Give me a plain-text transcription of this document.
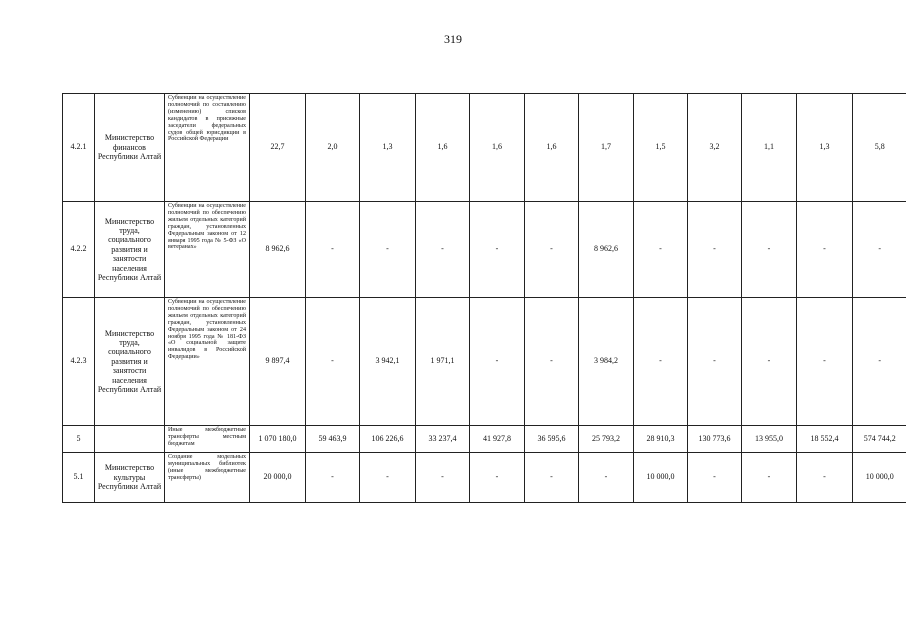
319
4.2.1	Министерство финансов Республики Алтай	Субвенции на осуществление полномочий по составлению (изменению) списков кандидатов в присяжные заседатели федеральных судов общей юрисдикции в Российской Федерации	22,7	2,0	1,3	1,6	1,6	1,6	1,7	1,5	3,2	1,1	1,3	5,8
4.2.2	Министерство труда, социального развития и занятости населения Республики Алтай	Субвенции на осуществление полномочий по обеспечению жильем отдельных категорий граждан, установленных Федеральным законом от 12 января 1995 года № 5-ФЗ «О ветеранах»	8 962,6	-	-	-	-	-	8 962,6	-	-	-	-	-
4.2.3	Министерство труда, социального развития и занятости населения Республики Алтай	Субвенции на осуществление полномочий по обеспечению жильем отдельных категорий граждан, установленных Федеральным законом от 24 ноября 1995 года № 181-ФЗ «О социальной защите инвалидов в Российской Федерации»	9 897,4	-	3 942,1	1 971,1	-	-	3 984,2	-	-	-	-	-
5		Иные межбюджетные трансферты местным бюджетам	1 070 180,0	59 463,9	106 226,6	33 237,4	41 927,8	36 595,6	25 793,2	28 910,3	130 773,6	13 955,0	18 552,4	574 744,2
5.1	Министерство культуры Республики Алтай	Создание модельных муниципальных библиотек (иные межбюджетные трансферты)	20 000,0	-	-	-	-	-	-	10 000,0	-	-	-	10 000,0
